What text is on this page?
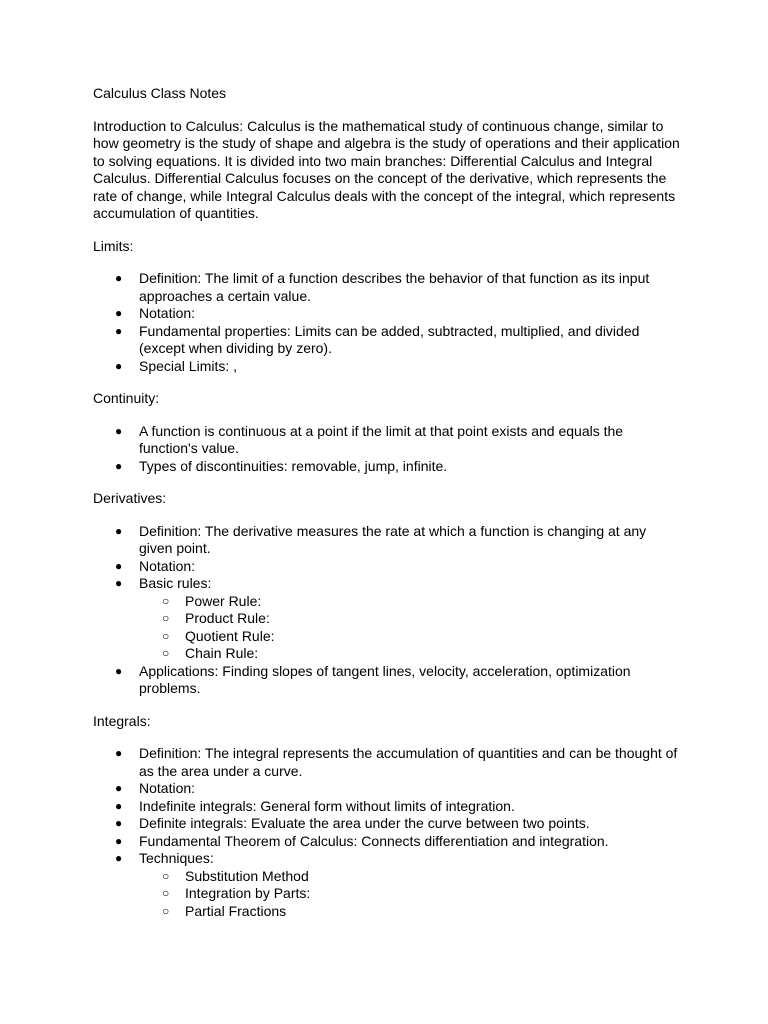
Calculus Class Notes
Introduction to Calculus: Calculus is the mathematical study of continuous change, similar to how geometry is the study of shape and algebra is the study of operations and their application to solving equations. It is divided into two main branches: Differential Calculus and Integral Calculus. Differential Calculus focuses on the concept of the derivative, which represents the rate of change, while Integral Calculus deals with the concept of the integral, which represents accumulation of quantities.
Limits:
● Definition: The limit of a function describes the behavior of that function as its input approaches a certain value.
● Notation:
● Fundamental properties: Limits can be added, subtracted, multiplied, and divided (except when dividing by zero).
● Special Limits: ,
Continuity:
● A function is continuous at a point if the limit at that point exists and equals the function's value.
● Types of discontinuities: removable, jump, infinite.
Derivatives:
● Definition: The derivative measures the rate at which a function is changing at any given point.
● Notation:
● Basic rules:
○ Power Rule:
○ Product Rule:
○ Quotient Rule:
○ Chain Rule:
● Applications: Finding slopes of tangent lines, velocity, acceleration, optimization problems.
Integrals:
● Definition: The integral represents the accumulation of quantities and can be thought of as the area under a curve.
● Notation:
● Indefinite integrals: General form without limits of integration.
● Definite integrals: Evaluate the area under the curve between two points.
● Fundamental Theorem of Calculus: Connects differentiation and integration.
● Techniques:
○ Substitution Method
○ Integration by Parts:
○ Partial Fractions
